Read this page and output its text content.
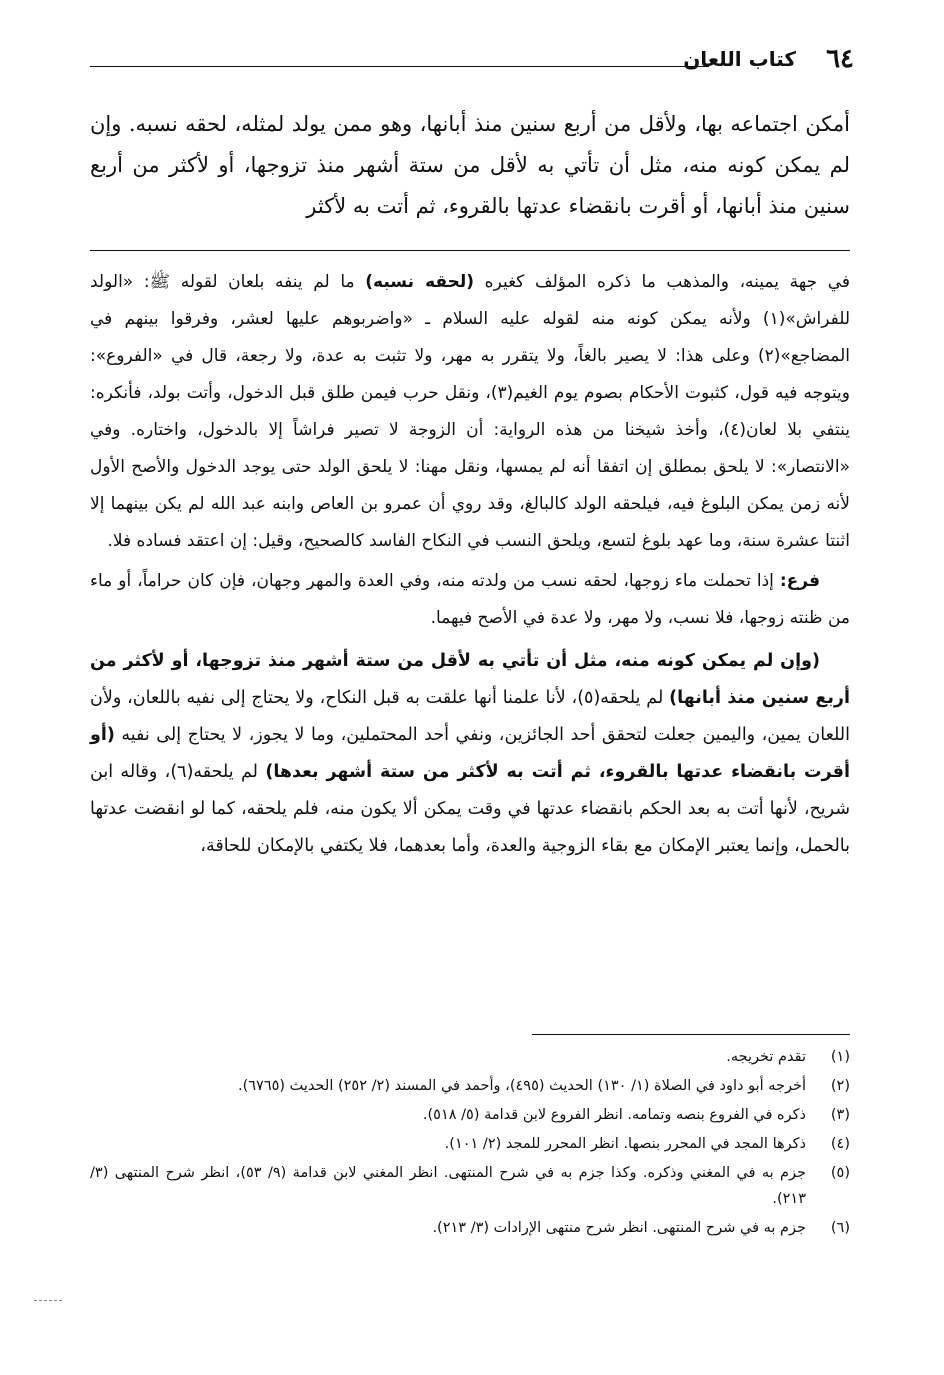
٦٤
كتاب اللعان

أمكن اجتماعه بها، ولأقل من أربع سنين منذ أبانها، وهو ممن يولد لمثله، لحقه نسبه. وإن لم يمكن كونه منه، مثل أن تأتي به لأقل من ستة أشهر منذ تزوجها، أو لأكثر من أربع سنين منذ أبانها، أو أقرت بانقضاء عدتها بالقروء، ثم أتت به لأكثر

في جهة يمينه، والمذهب ما ذكره المؤلف كغيره (لحقه نسبه) ما لم ينفه بلعان لقوله ﷺ: «الولد للفراش»(١) ولأنه يمكن كونه منه لقوله عليه السلام ـ «واضربوهم عليها لعشر، وفرقوا بينهم في المضاجع»(٢) وعلى هذا: لا يصير بالغاً، ولا يتقرر به مهر، ولا تثبت به عدة، ولا رجعة، قال في «الفروع»: ويتوجه فيه قول، كثبوت الأحكام بصوم يوم الغيم(٣)، ونقل حرب فيمن طلق قبل الدخول، وأتت بولد، فأنكره: ينتفي بلا لعان(٤)، وأخذ شيخنا من هذه الرواية: أن الزوجة لا تصير فراشاً إلا بالدخول، واختاره. وفي «الانتصار»: لا يلحق بمطلق إن اتفقا أنه لم يمسها، ونقل مهنا: لا يلحق الولد حتى يوجد الدخول والأصح الأول لأنه زمن يمكن البلوغ فيه، فيلحقه الولد كالبالغ، وقد روي أن عمرو بن العاص وابنه عبد الله لم يكن بينهما إلا اثنتا عشرة سنة، وما عهد بلوغ لتسع، ويلحق النسب في النكاح الفاسد كالصحيح، وقيل: إن اعتقد فساده فلا.

فرع: إذا تحملت ماء زوجها، لحقه نسب من ولدته منه، وفي العدة والمهر وجهان، فإن كان حراماً، أو ماء من ظنته زوجها، فلا نسب، ولا مهر، ولا عدة في الأصح فيهما.

(وإن لم يمكن كونه منه، مثل أن تأتي به لأقل من ستة أشهر منذ تزوجها، أو لأكثر من أربع سنين منذ أبانها) لم يلحقه(٥)، لأنا علمنا أنها علقت به قبل النكاح، ولا يحتاج إلى نفيه باللعان، ولأن اللعان يمين، واليمين جعلت لتحقق أحد الجائزين، ونفي أحد المحتملين، وما لا يجوز، لا يحتاج إلى نفيه (أو أقرت بانقضاء عدتها بالقروء، ثم أتت به لأكثر من ستة أشهر بعدها) لم يلحقه(٦)، وقاله ابن شريح، لأنها أتت به بعد الحكم بانقضاء عدتها في وقت يمكن ألا يكون منه، فلم يلحقه، كما لو انقضت عدتها بالحمل، وإنما يعتبر الإمكان مع بقاء الزوجية والعدة، وأما بعدهما، فلا يكتفي بالإمكان للحاقة،

(١)
تقدم تخريجه.
(٢)
أخرجه أبو داود في الصلاة (١/ ١٣٠) الحديث (٤٩٥)، وأحمد في المسند (٢/ ٢٥٢) الحديث (٦٧٦٥).
(٣)
ذكره في الفروع بنصه وتمامه. انظر الفروع لابن قدامة (٥/ ٥١٨).
(٤)
ذكرها المجد في المحرر بنصها. انظر المحرر للمجد (٢/ ١٠١).
(٥)
جزم به في المغني وذكره. وكذا جزم به في شرح المنتهى. انظر المغني لابن قدامة (٩/ ٥٣)، انظر شرح المنتهى (٣/ ٢١٣).
(٦)
جزم به في شرح المنتهى. انظر شرح منتهى الإرادات (٣/ ٢١٣).
